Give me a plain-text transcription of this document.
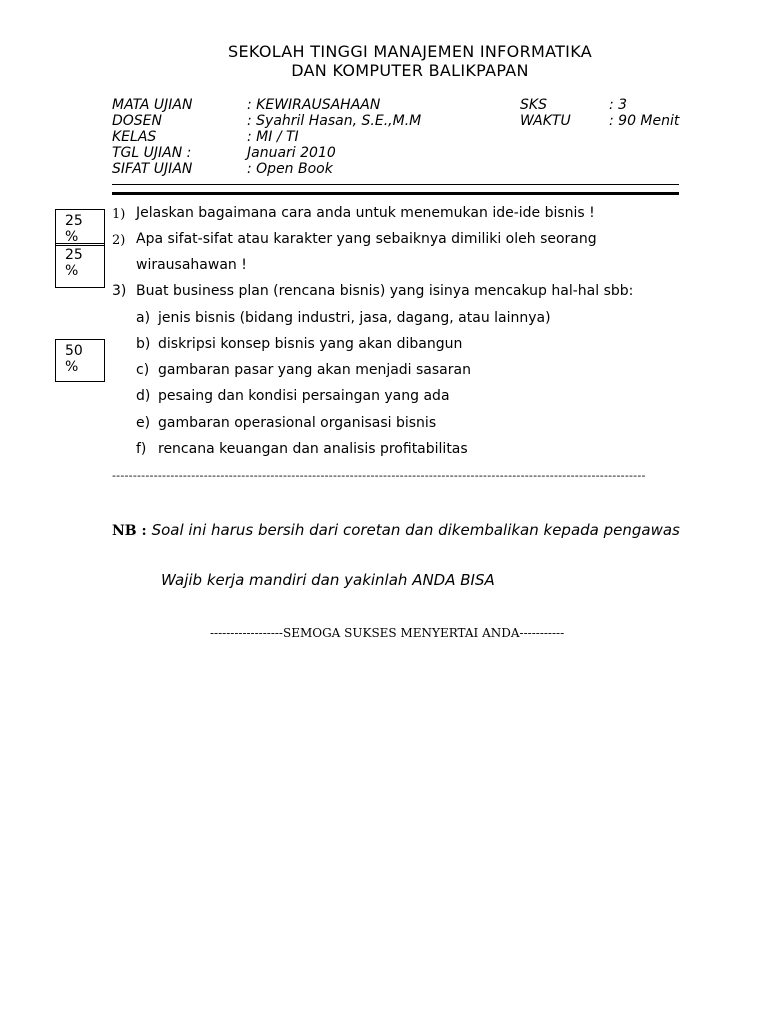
SEKOLAH TINGGI MANAJEMEN INFORMATIKA
DAN KOMPUTER BALIKPAPAN
MATA UJIAN	: KEWIRAUSAHAAN
DOSEN	: Syahril Hasan, S.E.,M.M
KELAS	: MI / TI
TGL UJIAN :	Januari 2010
SIFAT UJIAN	: Open Book
SKS	: 3
WAKTU	: 90 Menit
25
%
25
%
50
%
1) Jelaskan bagaimana cara anda untuk menemukan ide-ide bisnis !
2) Apa sifat-sifat atau karakter yang sebaiknya dimiliki oleh seorang
wirausahawan !
3) Buat business plan (rencana bisnis) yang isinya mencakup hal-hal sbb:
a) jenis bisnis (bidang industri, jasa, dagang, atau lainnya)
b) diskripsi konsep bisnis yang akan dibangun
c) gambaran pasar yang akan menjadi sasaran
d) pesaing dan kondisi persaingan yang ada
e) gambaran operasional organisasi bisnis
f) rencana keuangan dan analisis profitabilitas
--------------------------------------------------------------------------------------------------------------------------------
NB : Soal ini harus bersih dari coretan dan dikembalikan kepada pengawas
Wajib kerja mandiri dan yakinlah ANDA BISA
------------------SEMOGA SUKSES MENYERTAI ANDA-----------
